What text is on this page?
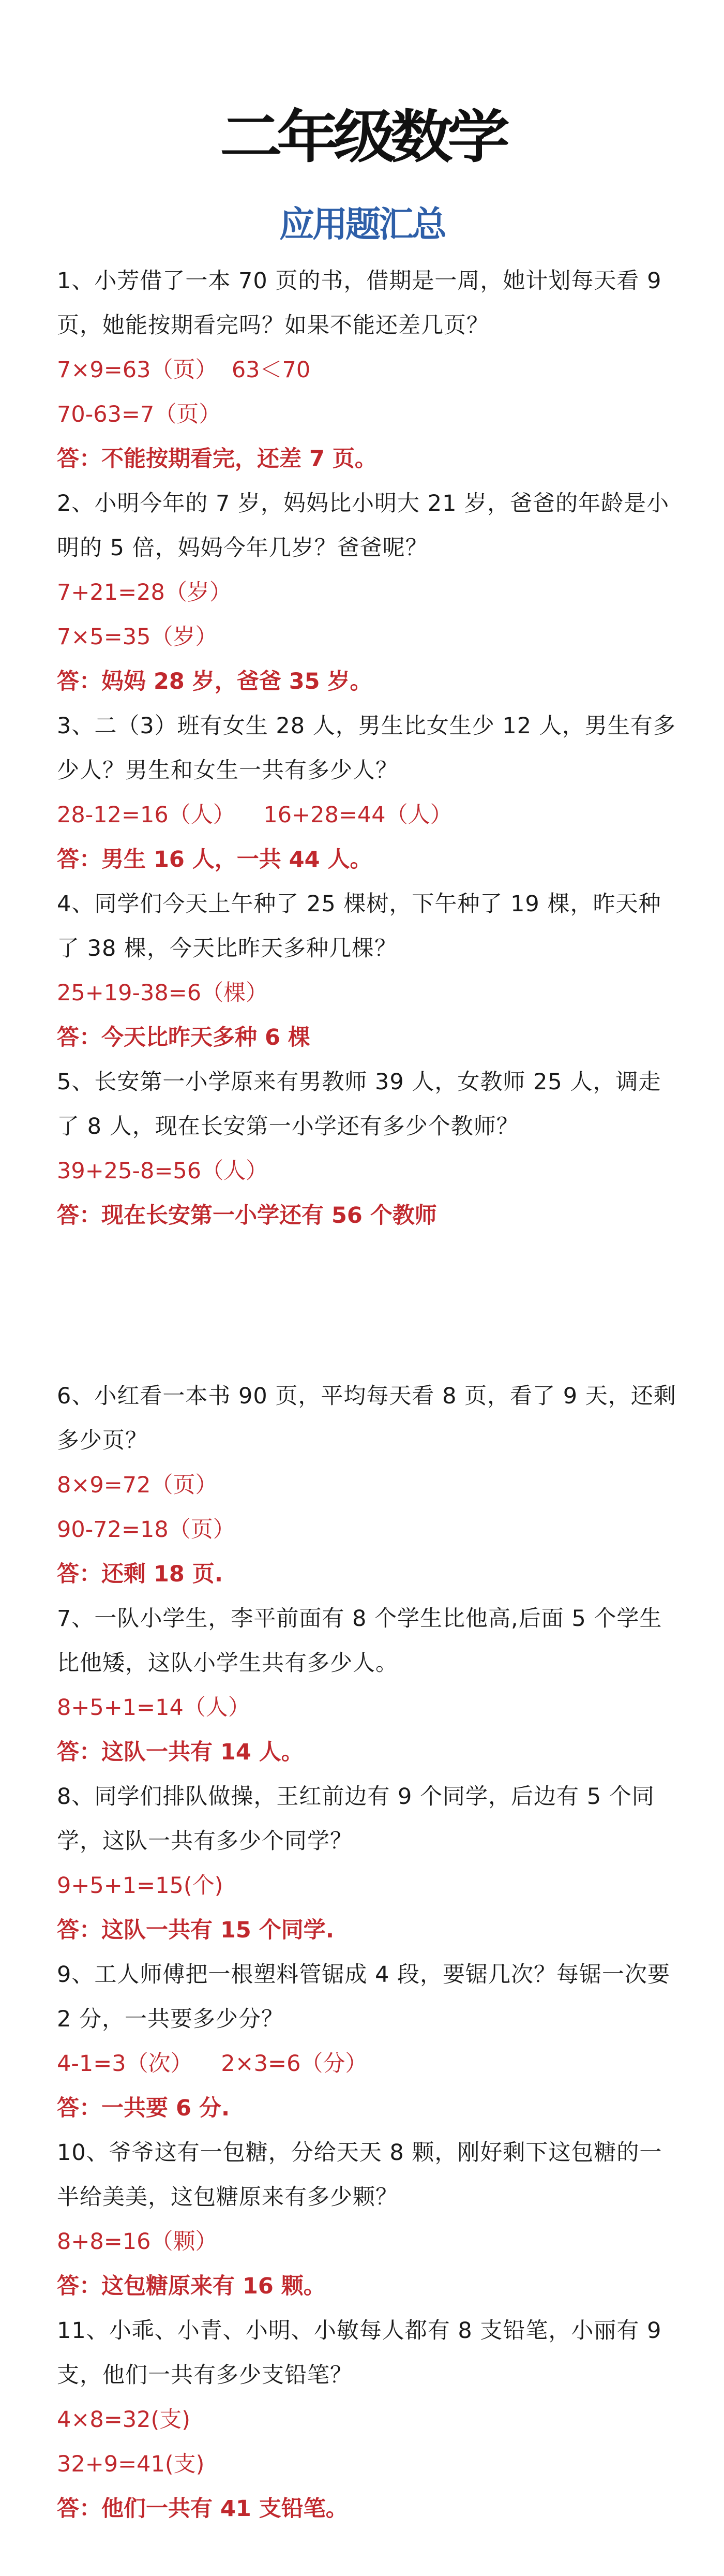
二年级数学
应用题汇总

1、小芳借了一本 70 页的书，借期是一周，她计划每天看 9 页，她能按期看完吗？如果不能还差几页？

7×9=63（页）  63＜70

70-63=7（页）

答：不能按期看完，还差 7 页。

2、小明今年的 7 岁，妈妈比小明大 21 岁，爸爸的年龄是小明的 5 倍，妈妈今年几岁？爸爸呢？

7+21=28（岁）

7×5=35（岁）

答：妈妈 28 岁，爸爸 35 岁。

3、二（3）班有女生 28 人，男生比女生少 12 人，男生有多少人？男生和女生一共有多少人？

28-12=16（人）    16+28=44（人）

答：男生 16 人，一共 44 人。

4、同学们今天上午种了 25 棵树，下午种了 19 棵，昨天种了 38 棵，今天比昨天多种几棵？

25+19-38=6（棵）

答：今天比昨天多种 6 棵

5、长安第一小学原来有男教师 39 人，女教师 25 人，调走了 8 人，现在长安第一小学还有多少个教师？

39+25-8=56（人）

答：现在长安第一小学还有 56 个教师

6、小红看一本书 90 页，平均每天看 8 页，看了 9 天，还剩多少页？

8×9=72（页）

90-72=18（页）

答：还剩 18 页.

7、一队小学生，李平前面有 8 个学生比他高,后面 5 个学生比他矮，这队小学生共有多少人。

8+5+1=14（人）

答：这队一共有 14 人。

8、同学们排队做操，王红前边有 9 个同学，后边有 5 个同学，这队一共有多少个同学？

9+5+1=15(个)

答：这队一共有 15 个同学.

9、工人师傅把一根塑料管锯成 4 段，要锯几次？每锯一次要 2 分，一共要多少分？

4-1=3（次）    2×3=6（分）

答：一共要 6 分.

10、爷爷这有一包糖，分给天天 8 颗，刚好剩下这包糖的一半给美美，这包糖原来有多少颗？

8+8=16（颗）

答：这包糖原来有 16 颗。

11、小乖、小青、小明、小敏每人都有 8 支铅笔，小丽有 9 支，他们一共有多少支铅笔？

4×8=32(支)

32+9=41(支)

答：他们一共有 41 支铅笔。
